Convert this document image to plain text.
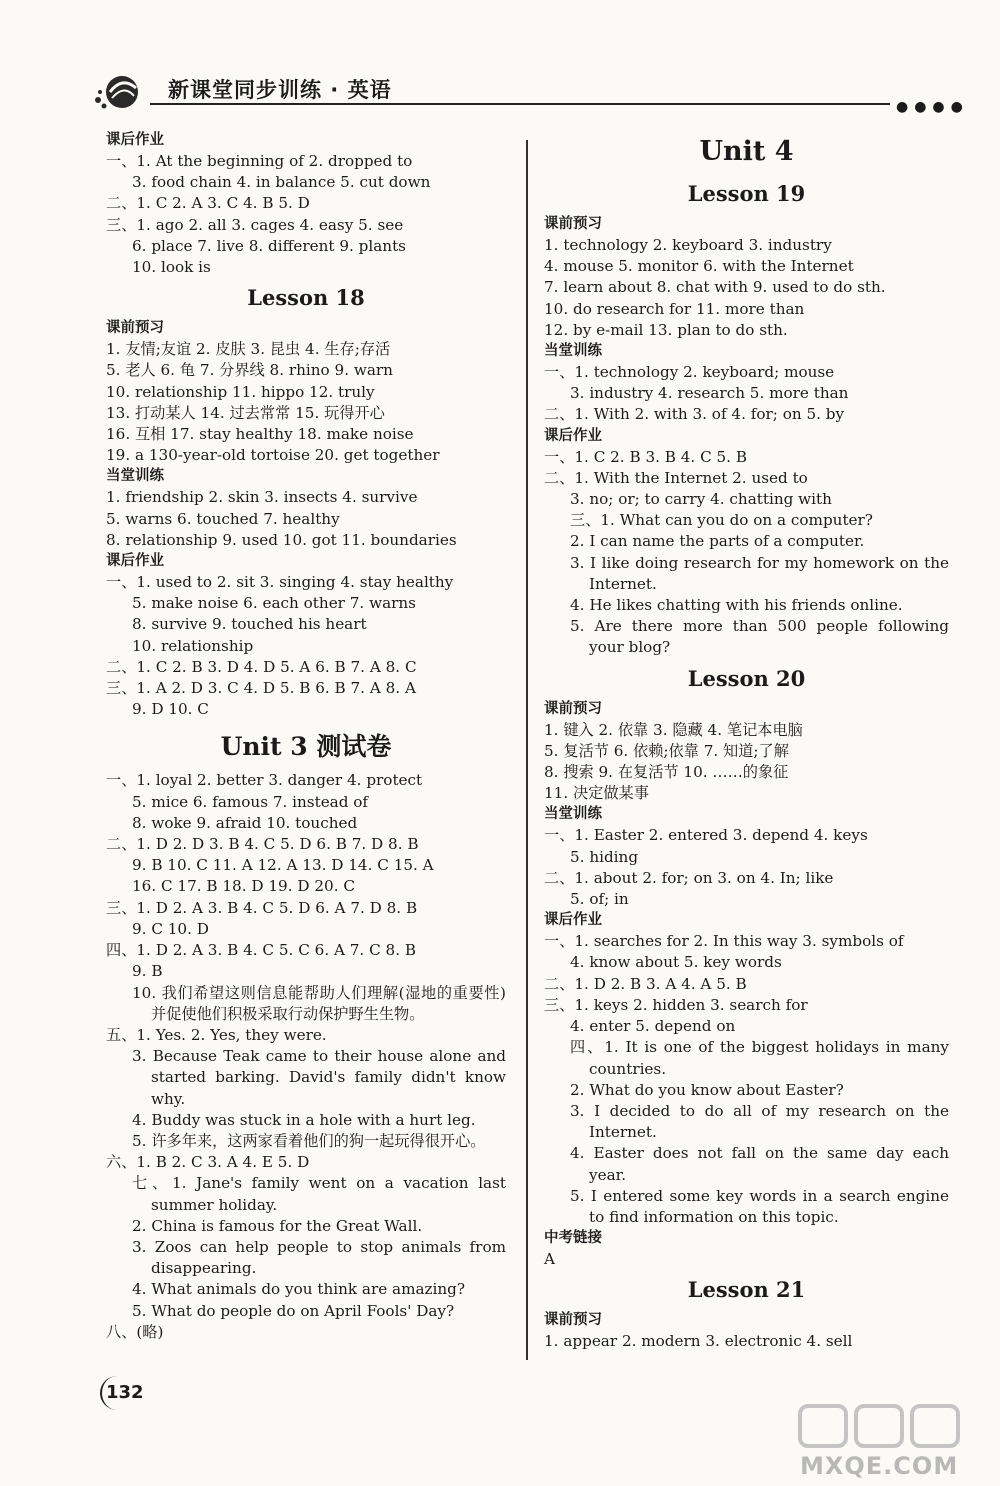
新课堂同步训练 · 英语
●●●●
课后作业
一、1. At the beginning of 2. dropped to
3. food chain 4. in balance 5. cut down
二、1. C 2. A 3. C 4. B 5. D
三、1. ago 2. all 3. cages 4. easy 5. see
6. place 7. live 8. different 9. plants
10. look is
Lesson 18
课前预习
1. 友情;友谊 2. 皮肤 3. 昆虫 4. 生存;存活
5. 老人 6. 龟 7. 分界线 8. rhino 9. warn
10. relationship 11. hippo 12. truly
13. 打动某人 14. 过去常常 15. 玩得开心
16. 互相 17. stay healthy 18. make noise
19. a 130-year-old tortoise 20. get together
当堂训练
1. friendship 2. skin 3. insects 4. survive
5. warns 6. touched 7. healthy
8. relationship 9. used 10. got 11. boundaries
课后作业
一、1. used to 2. sit 3. singing 4. stay healthy
5. make noise 6. each other 7. warns
8. survive 9. touched his heart
10. relationship
二、1. C 2. B 3. D 4. D 5. A 6. B 7. A 8. C
三、1. A 2. D 3. C 4. D 5. B 6. B 7. A 8. A
9. D 10. C
Unit 3 测试卷
一、1. loyal 2. better 3. danger 4. protect
5. mice 6. famous 7. instead of
8. woke 9. afraid 10. touched
二、1. D 2. D 3. B 4. C 5. D 6. B 7. D 8. B
9. B 10. C 11. A 12. A 13. D 14. C 15. A
16. C 17. B 18. D 19. D 20. C
三、1. D 2. A 3. B 4. C 5. D 6. A 7. D 8. B
9. C 10. D
四、1. D 2. A 3. B 4. C 5. C 6. A 7. C 8. B
9. B
10. 我们希望这则信息能帮助人们理解(湿地的重要性)并促使他们积极采取行动保护野生生物。
五、1. Yes. 2. Yes, they were.
3. Because Teak came to their house alone and started barking. David's family didn't know why.
4. Buddy was stuck in a hole with a hurt leg.
5. 许多年来，这两家看着他们的狗一起玩得很开心。
六、1. B 2. C 3. A 4. E 5. D
七、1. Jane's family went on a vacation last summer holiday.
2. China is famous for the Great Wall.
3. Zoos can help people to stop animals from disappearing.
4. What animals do you think are amazing?
5. What do people do on April Fools' Day?
八、(略)
Unit 4
Lesson 19
课前预习
1. technology 2. keyboard 3. industry
4. mouse 5. monitor 6. with the Internet
7. learn about 8. chat with 9. used to do sth.
10. do research for 11. more than
12. by e-mail 13. plan to do sth.
当堂训练
一、1. technology 2. keyboard; mouse
3. industry 4. research 5. more than
二、1. With 2. with 3. of 4. for; on 5. by
课后作业
一、1. C 2. B 3. B 4. C 5. B
二、1. With the Internet 2. used to
3. no; or; to carry 4. chatting with
三、1. What can you do on a computer?
2. I can name the parts of a computer.
3. I like doing research for my homework on the Internet.
4. He likes chatting with his friends online.
5. Are there more than 500 people following your blog?
Lesson 20
课前预习
1. 键入 2. 依靠 3. 隐藏 4. 笔记本电脑
5. 复活节 6. 依赖;依靠 7. 知道;了解
8. 搜索 9. 在复活节 10. ……的象征
11. 决定做某事
当堂训练
一、1. Easter 2. entered 3. depend 4. keys
5. hiding
二、1. about 2. for; on 3. on 4. In; like
5. of; in
课后作业
一、1. searches for 2. In this way 3. symbols of
4. know about 5. key words
二、1. D 2. B 3. A 4. A 5. B
三、1. keys 2. hidden 3. search for
4. enter 5. depend on
四、1. It is one of the biggest holidays in many countries.
2. What do you know about Easter?
3. I decided to do all of my research on the Internet.
4. Easter does not fall on the same day each year.
5. I entered some key words in a search engine to find information on this topic.
中考链接
A
Lesson 21
课前预习
1. appear 2. modern 3. electronic 4. sell
132
MXQE.COM
